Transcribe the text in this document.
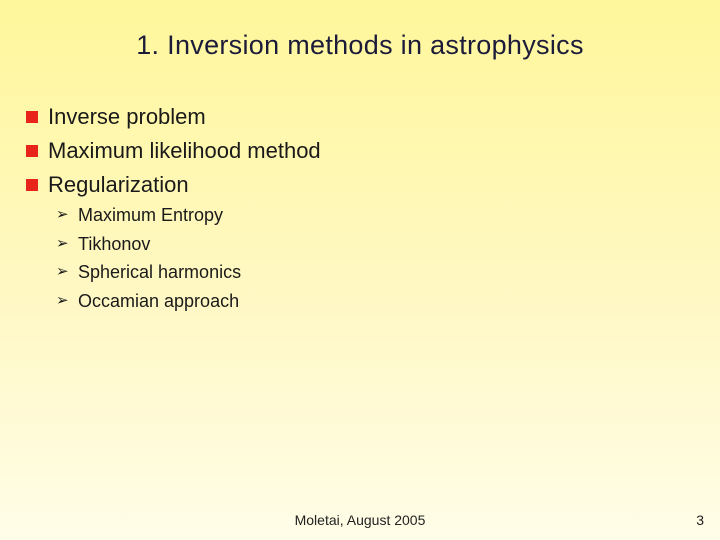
1. Inversion methods in astrophysics
Inverse problem
Maximum likelihood method
Regularization
➢ Maximum Entropy
➢ Tikhonov
➢ Spherical harmonics
➢ Occamian approach
Moletai, August 2005	3
